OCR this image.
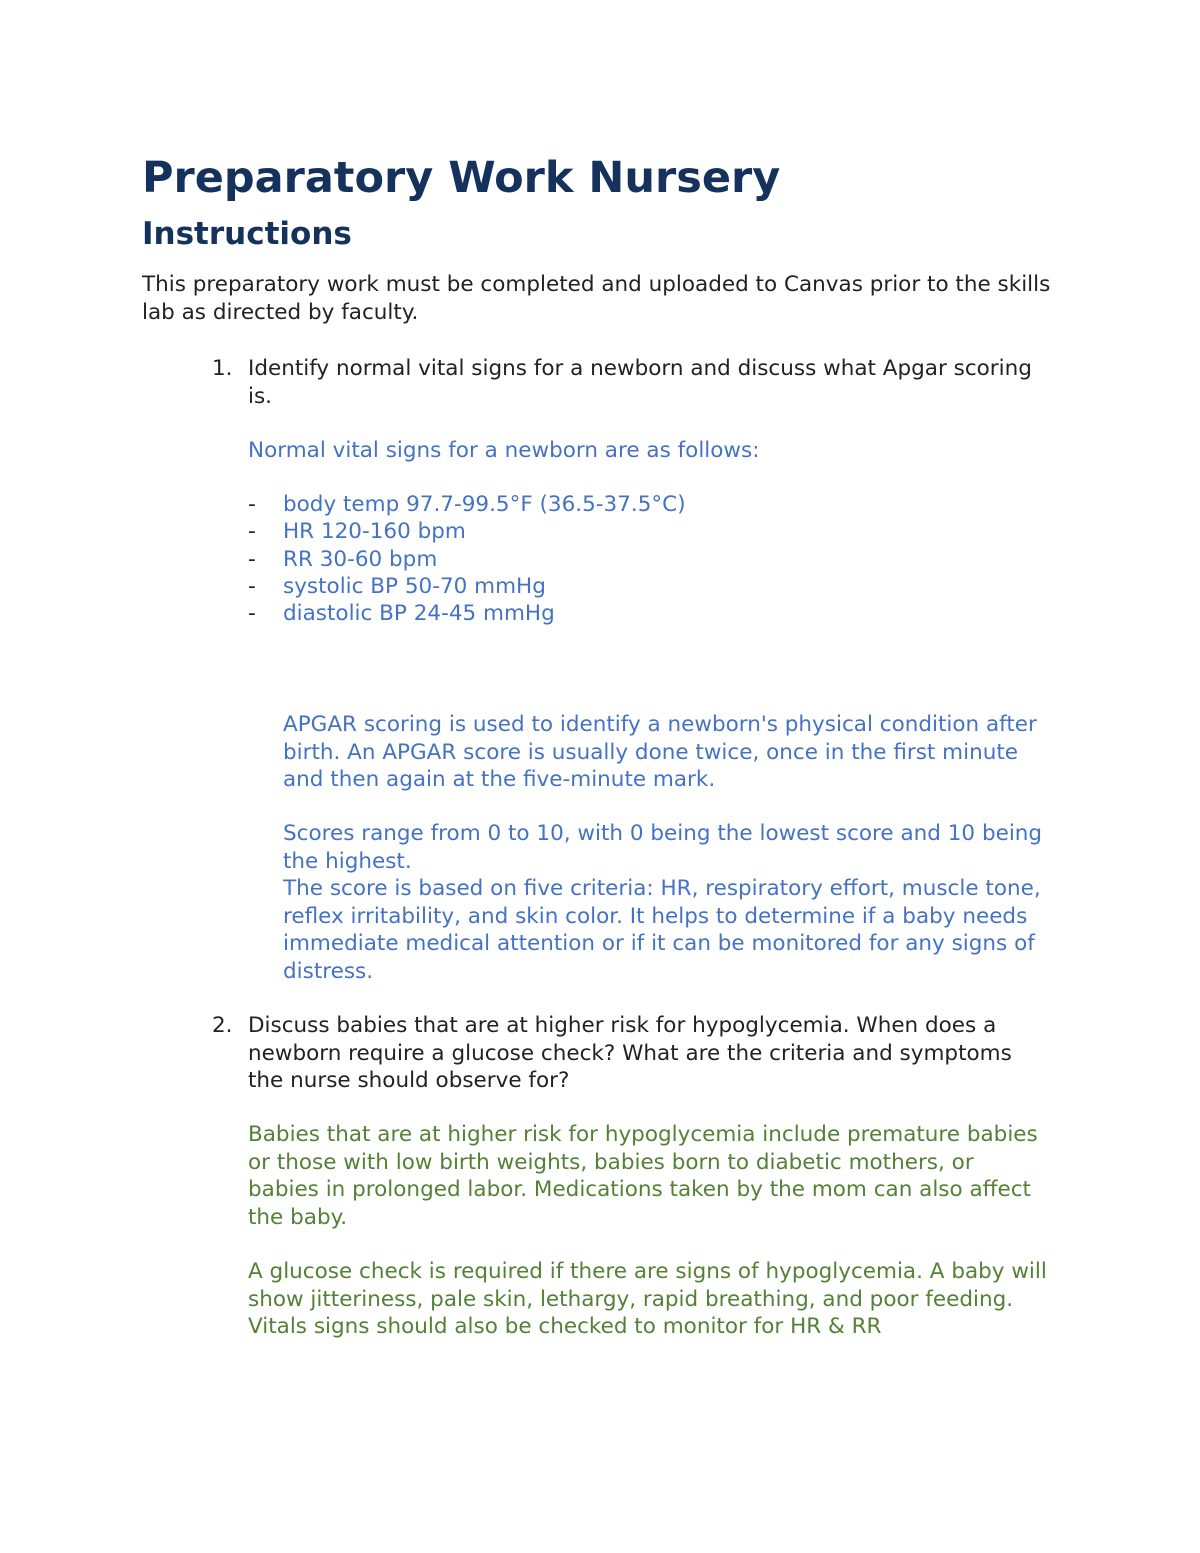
Preparatory Work Nursery
Instructions

This preparatory work must be completed and uploaded to Canvas prior to the skills lab as directed by faculty.

1. Identify normal vital signs for a newborn and discuss what Apgar scoring is.

Normal vital signs for a newborn are as follows:

- body temp 97.7-99.5°F (36.5-37.5°C)
- HR 120-160 bpm
- RR 30-60 bpm
- systolic BP 50-70 mmHg
- diastolic BP 24-45 mmHg

APGAR scoring is used to identify a newborn's physical condition after birth. An APGAR score is usually done twice, once in the first minute and then again at the five-minute mark.

Scores range from 0 to 10, with 0 being the lowest score and 10 being the highest.

The score is based on five criteria: HR, respiratory effort, muscle tone, reflex irritability, and skin color. It helps to determine if a baby needs immediate medical attention or if it can be monitored for any signs of distress.

2. Discuss babies that are at higher risk for hypoglycemia. When does a newborn require a glucose check? What are the criteria and symptoms the nurse should observe for?

Babies that are at higher risk for hypoglycemia include premature babies or those with low birth weights, babies born to diabetic mothers, or babies in prolonged labor. Medications taken by the mom can also affect the baby.

A glucose check is required if there are signs of hypoglycemia. A baby will show jitteriness, pale skin, lethargy, rapid breathing, and poor feeding. Vitals signs should also be checked to monitor for HR & RR
